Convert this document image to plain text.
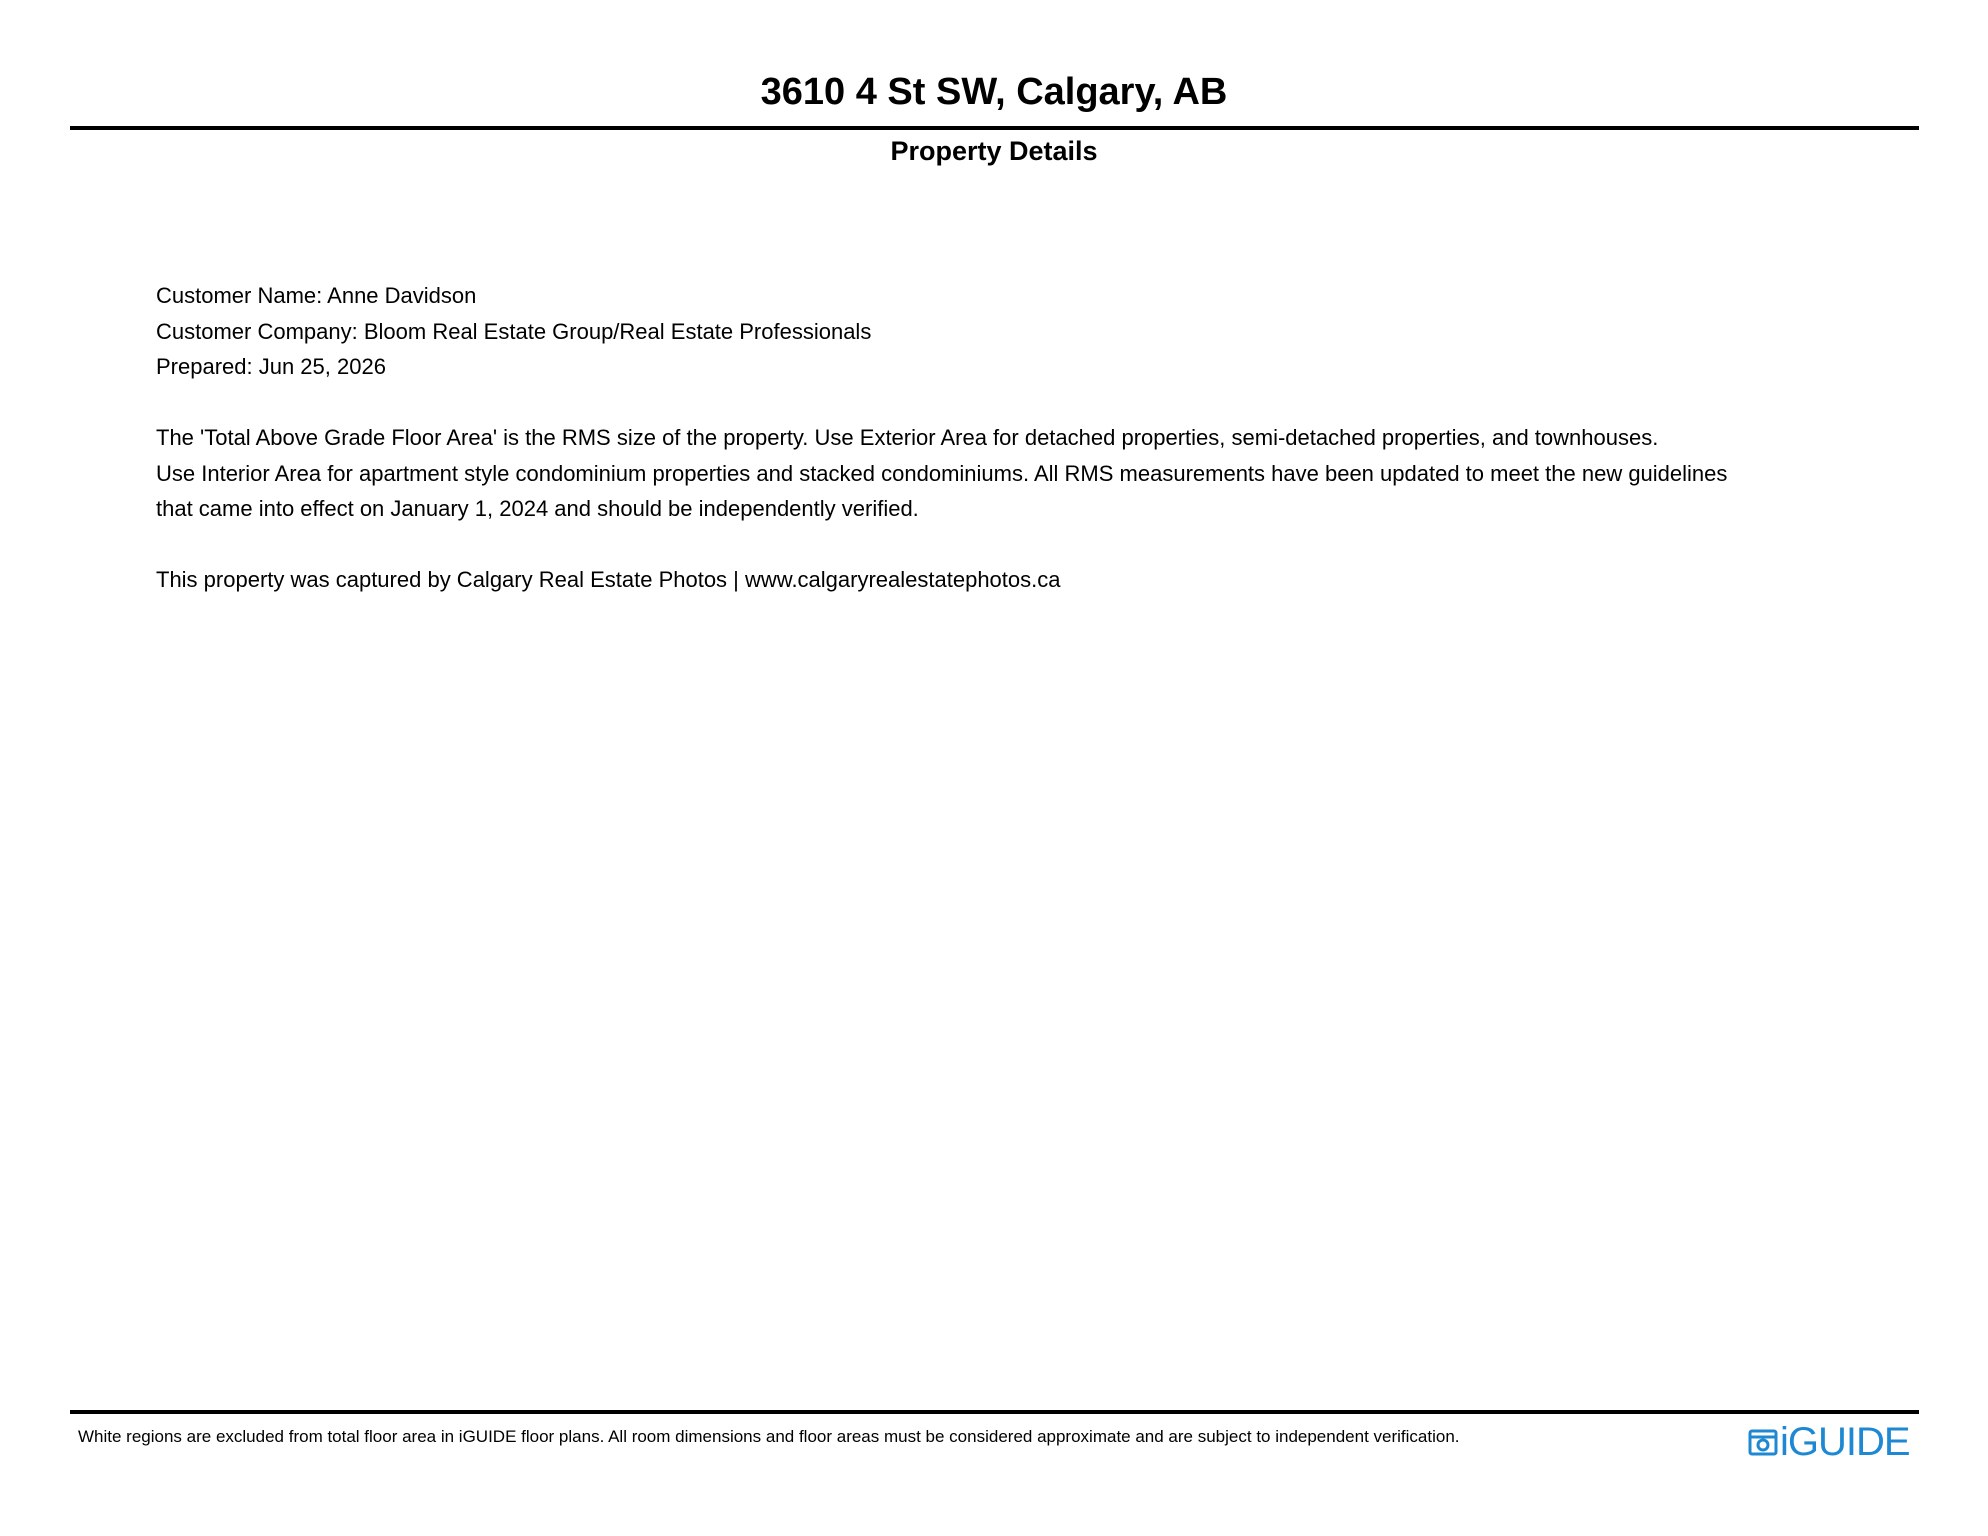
3610 4 St SW, Calgary, AB
Property Details

Customer Name: Anne Davidson

Customer Company: Bloom Real Estate Group/Real Estate Professionals

Prepared: Jun 25, 2026

The 'Total Above Grade Floor Area' is the RMS size of the property. Use Exterior Area for detached properties, semi-detached properties, and townhouses.

Use Interior Area for apartment style condominium properties and stacked condominiums. All RMS measurements have been updated to meet the new guidelines

that came into effect on January 1, 2024 and should be independently verified.

This property was captured by Calgary Real Estate Photos | www.calgaryrealestatephotos.ca

White regions are excluded from total floor area in iGUIDE floor plans. All room dimensions and floor areas must be considered approximate and are subject to independent verification.	iGUIDE
